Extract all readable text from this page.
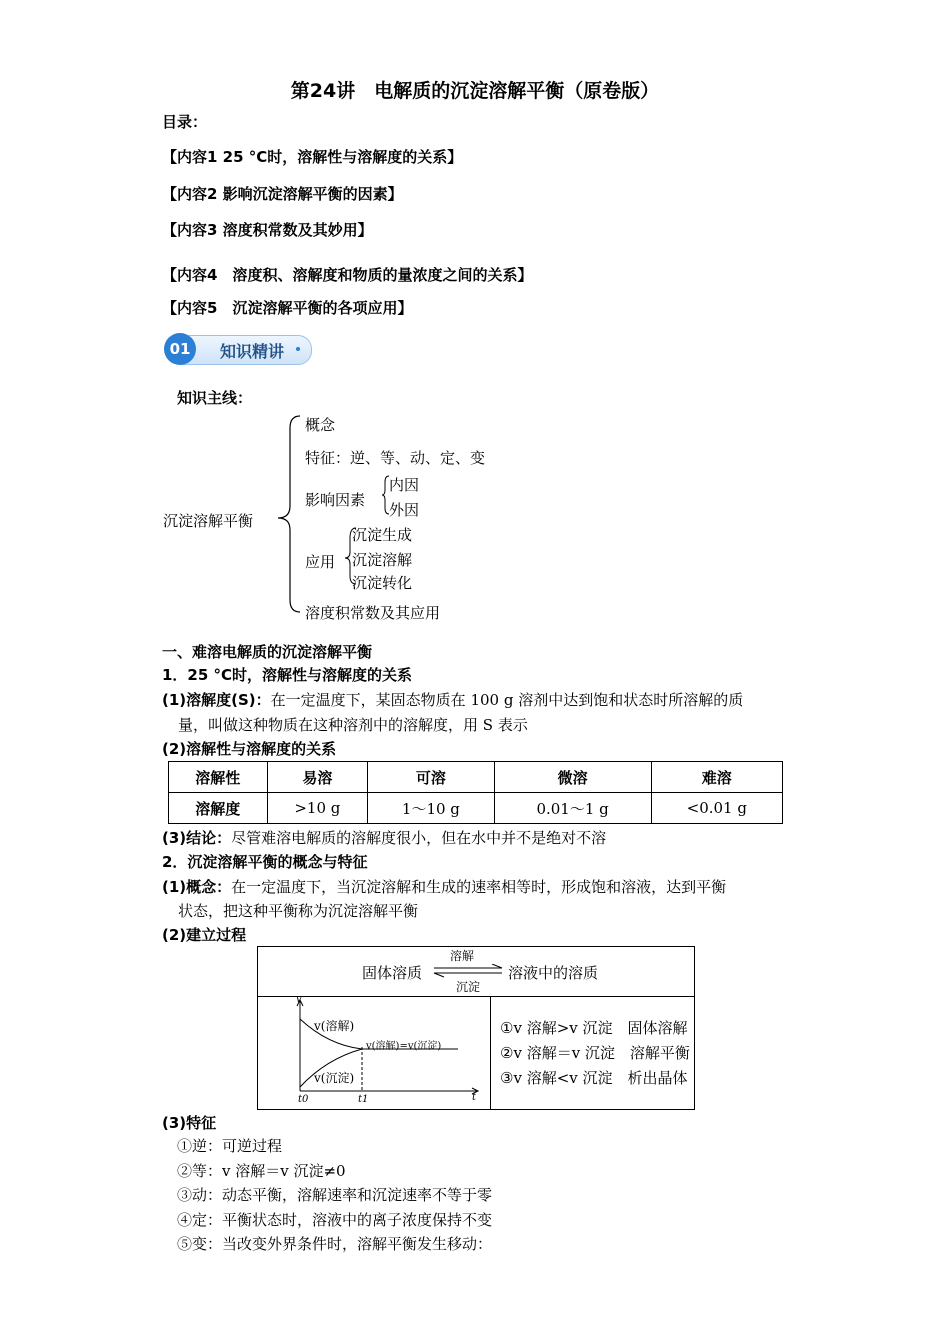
第24讲　电解质的沉淀溶解平衡（原卷版）
目录：
【内容1 25 °C时，溶解性与溶解度的关系】
【内容2 影响沉淀溶解平衡的因素】
【内容3 溶度积常数及其妙用】
【内容4　溶度积、溶解度和物质的量浓度之间的关系】
【内容5　沉淀溶解平衡的各项应用】
01	知识精讲
知识主线：
沉淀溶解平衡
概念
特征：逆、等、动、定、变
影响因素
内因
外因
应用
沉淀生成
沉淀溶解
沉淀转化
溶度积常数及其应用
一、难溶电解质的沉淀溶解平衡
1．25 °C时，溶解性与溶解度的关系
(1)溶解度(S)：在一定温度下，某固态物质在 100 g 溶剂中达到饱和状态时所溶解的质
量，叫做这种物质在这种溶剂中的溶解度，用 S 表示
(2)溶解性与溶解度的关系
溶解性	易溶	可溶	微溶	难溶
溶解度	>10 g	1～10 g	0.01～1 g	<0.01 g
(3)结论：尽管难溶电解质的溶解度很小，但在水中并不是绝对不溶
2．沉淀溶解平衡的概念与特征
(1)概念：在一定温度下，当沉淀溶解和生成的速率相等时，形成饱和溶液，达到平衡
状态，把这种平衡称为沉淀溶解平衡
(2)建立过程
固体溶质
溶解
沉淀
溶液中的溶质
v
t
t0	t1
v(溶解)
v(沉淀)
v(溶解)=v(沉淀)
①v 溶解>v 沉淀　固体溶解
②v 溶解＝v 沉淀　溶解平衡
③v 溶解<v 沉淀　析出晶体
(3)特征
①逆：可逆过程
②等：v 溶解＝v 沉淀≠0
③动：动态平衡，溶解速率和沉淀速率不等于零
④定：平衡状态时，溶液中的离子浓度保持不变
⑤变：当改变外界条件时，溶解平衡发生移动：
